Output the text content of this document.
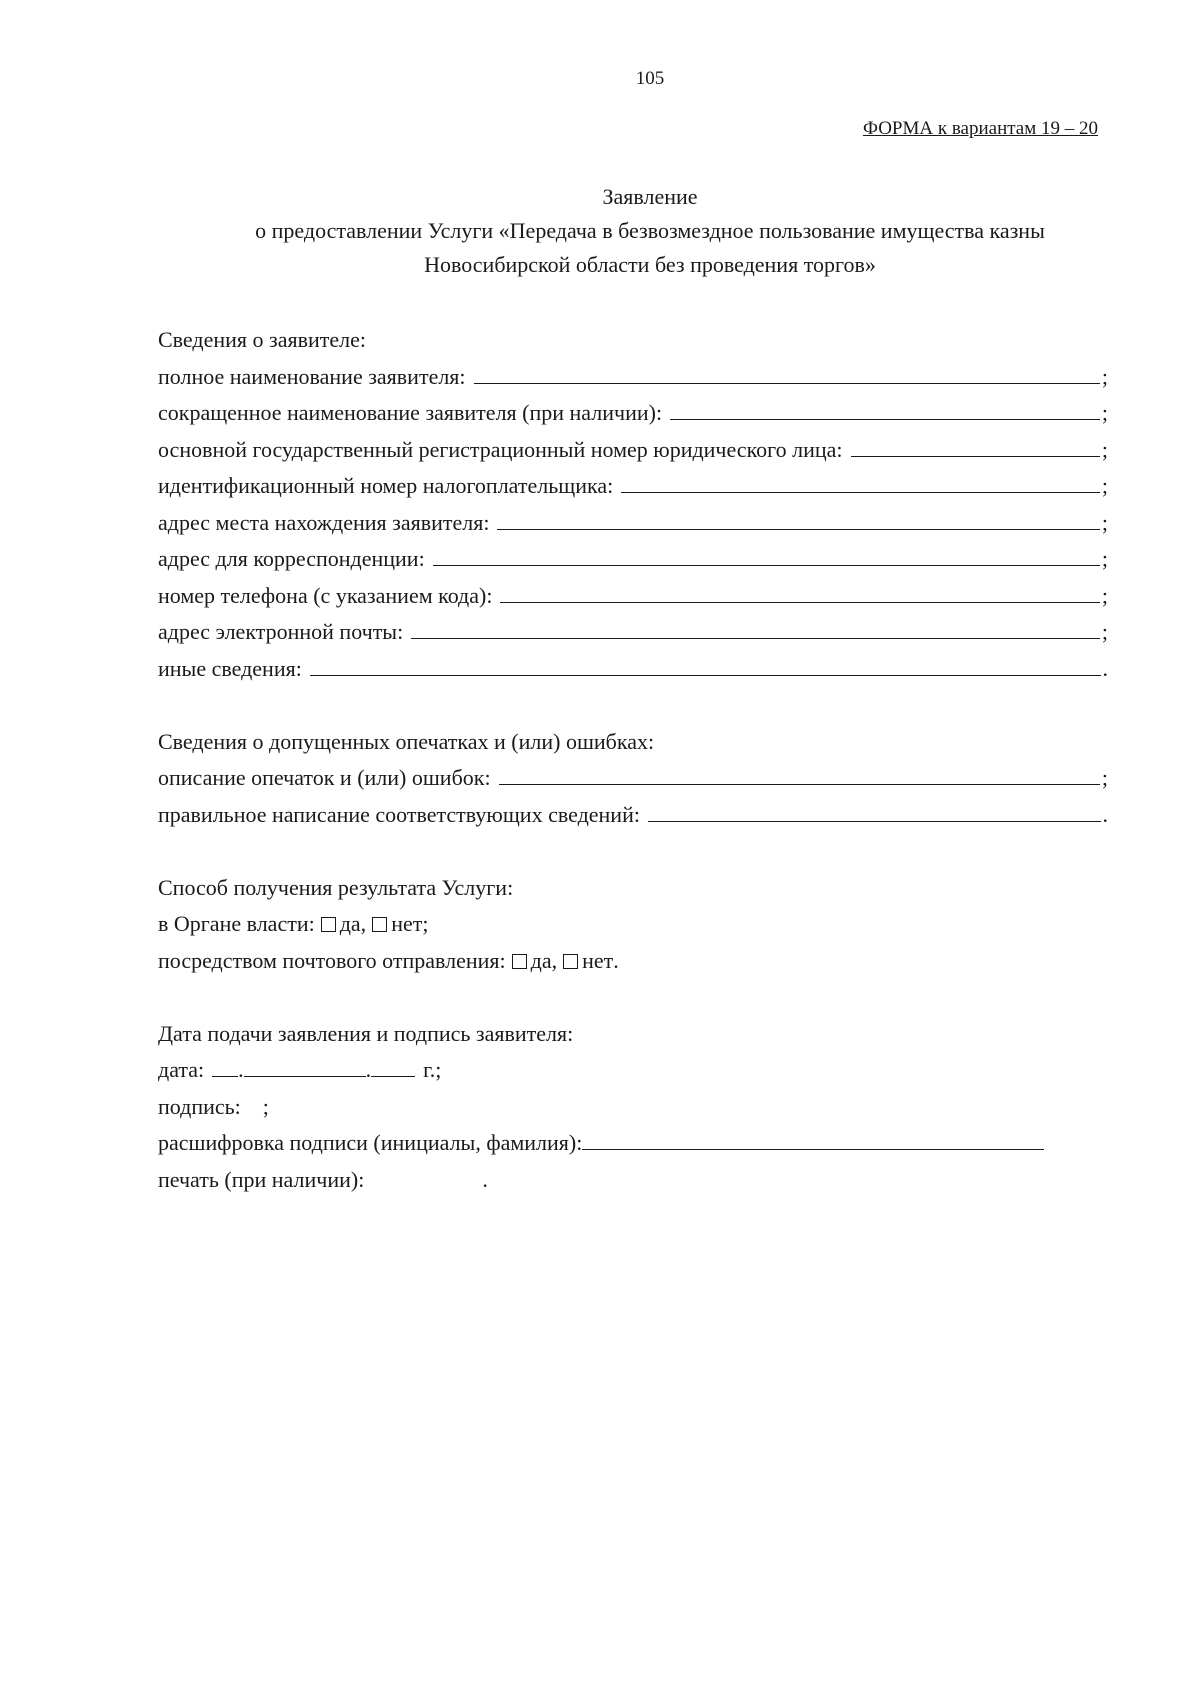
105
ФОРМА к вариантам 19 – 20
Заявление
о предоставлении Услуги «Передача в безвозмездное пользование имущества казны
Новосибирской области без проведения торгов»
Сведения о заявителе:
полное наименование заявителя:	;
сокращенное наименование заявителя (при наличии):	;
основной государственный регистрационный номер юридического лица:	;
идентификационный номер налогоплательщика:	;
адрес места нахождения заявителя:	;
адрес для корреспонденции:	;
номер телефона (с указанием кода):	;
адрес электронной почты:	;
иные сведения:	.
Сведения о допущенных опечатках и (или) ошибках:
описание опечаток и (или) ошибок:	;
правильное написание соответствующих сведений:	.
Способ получения результата Услуги:
в Органе власти: да, нет ;
посредством почтового отправления: да, нет .
Дата подачи заявления и подпись заявителя:
дата: .	. г.;
подпись: ;
расшифровка подписи (инициалы, фамилия):
печать (при наличии):	.
